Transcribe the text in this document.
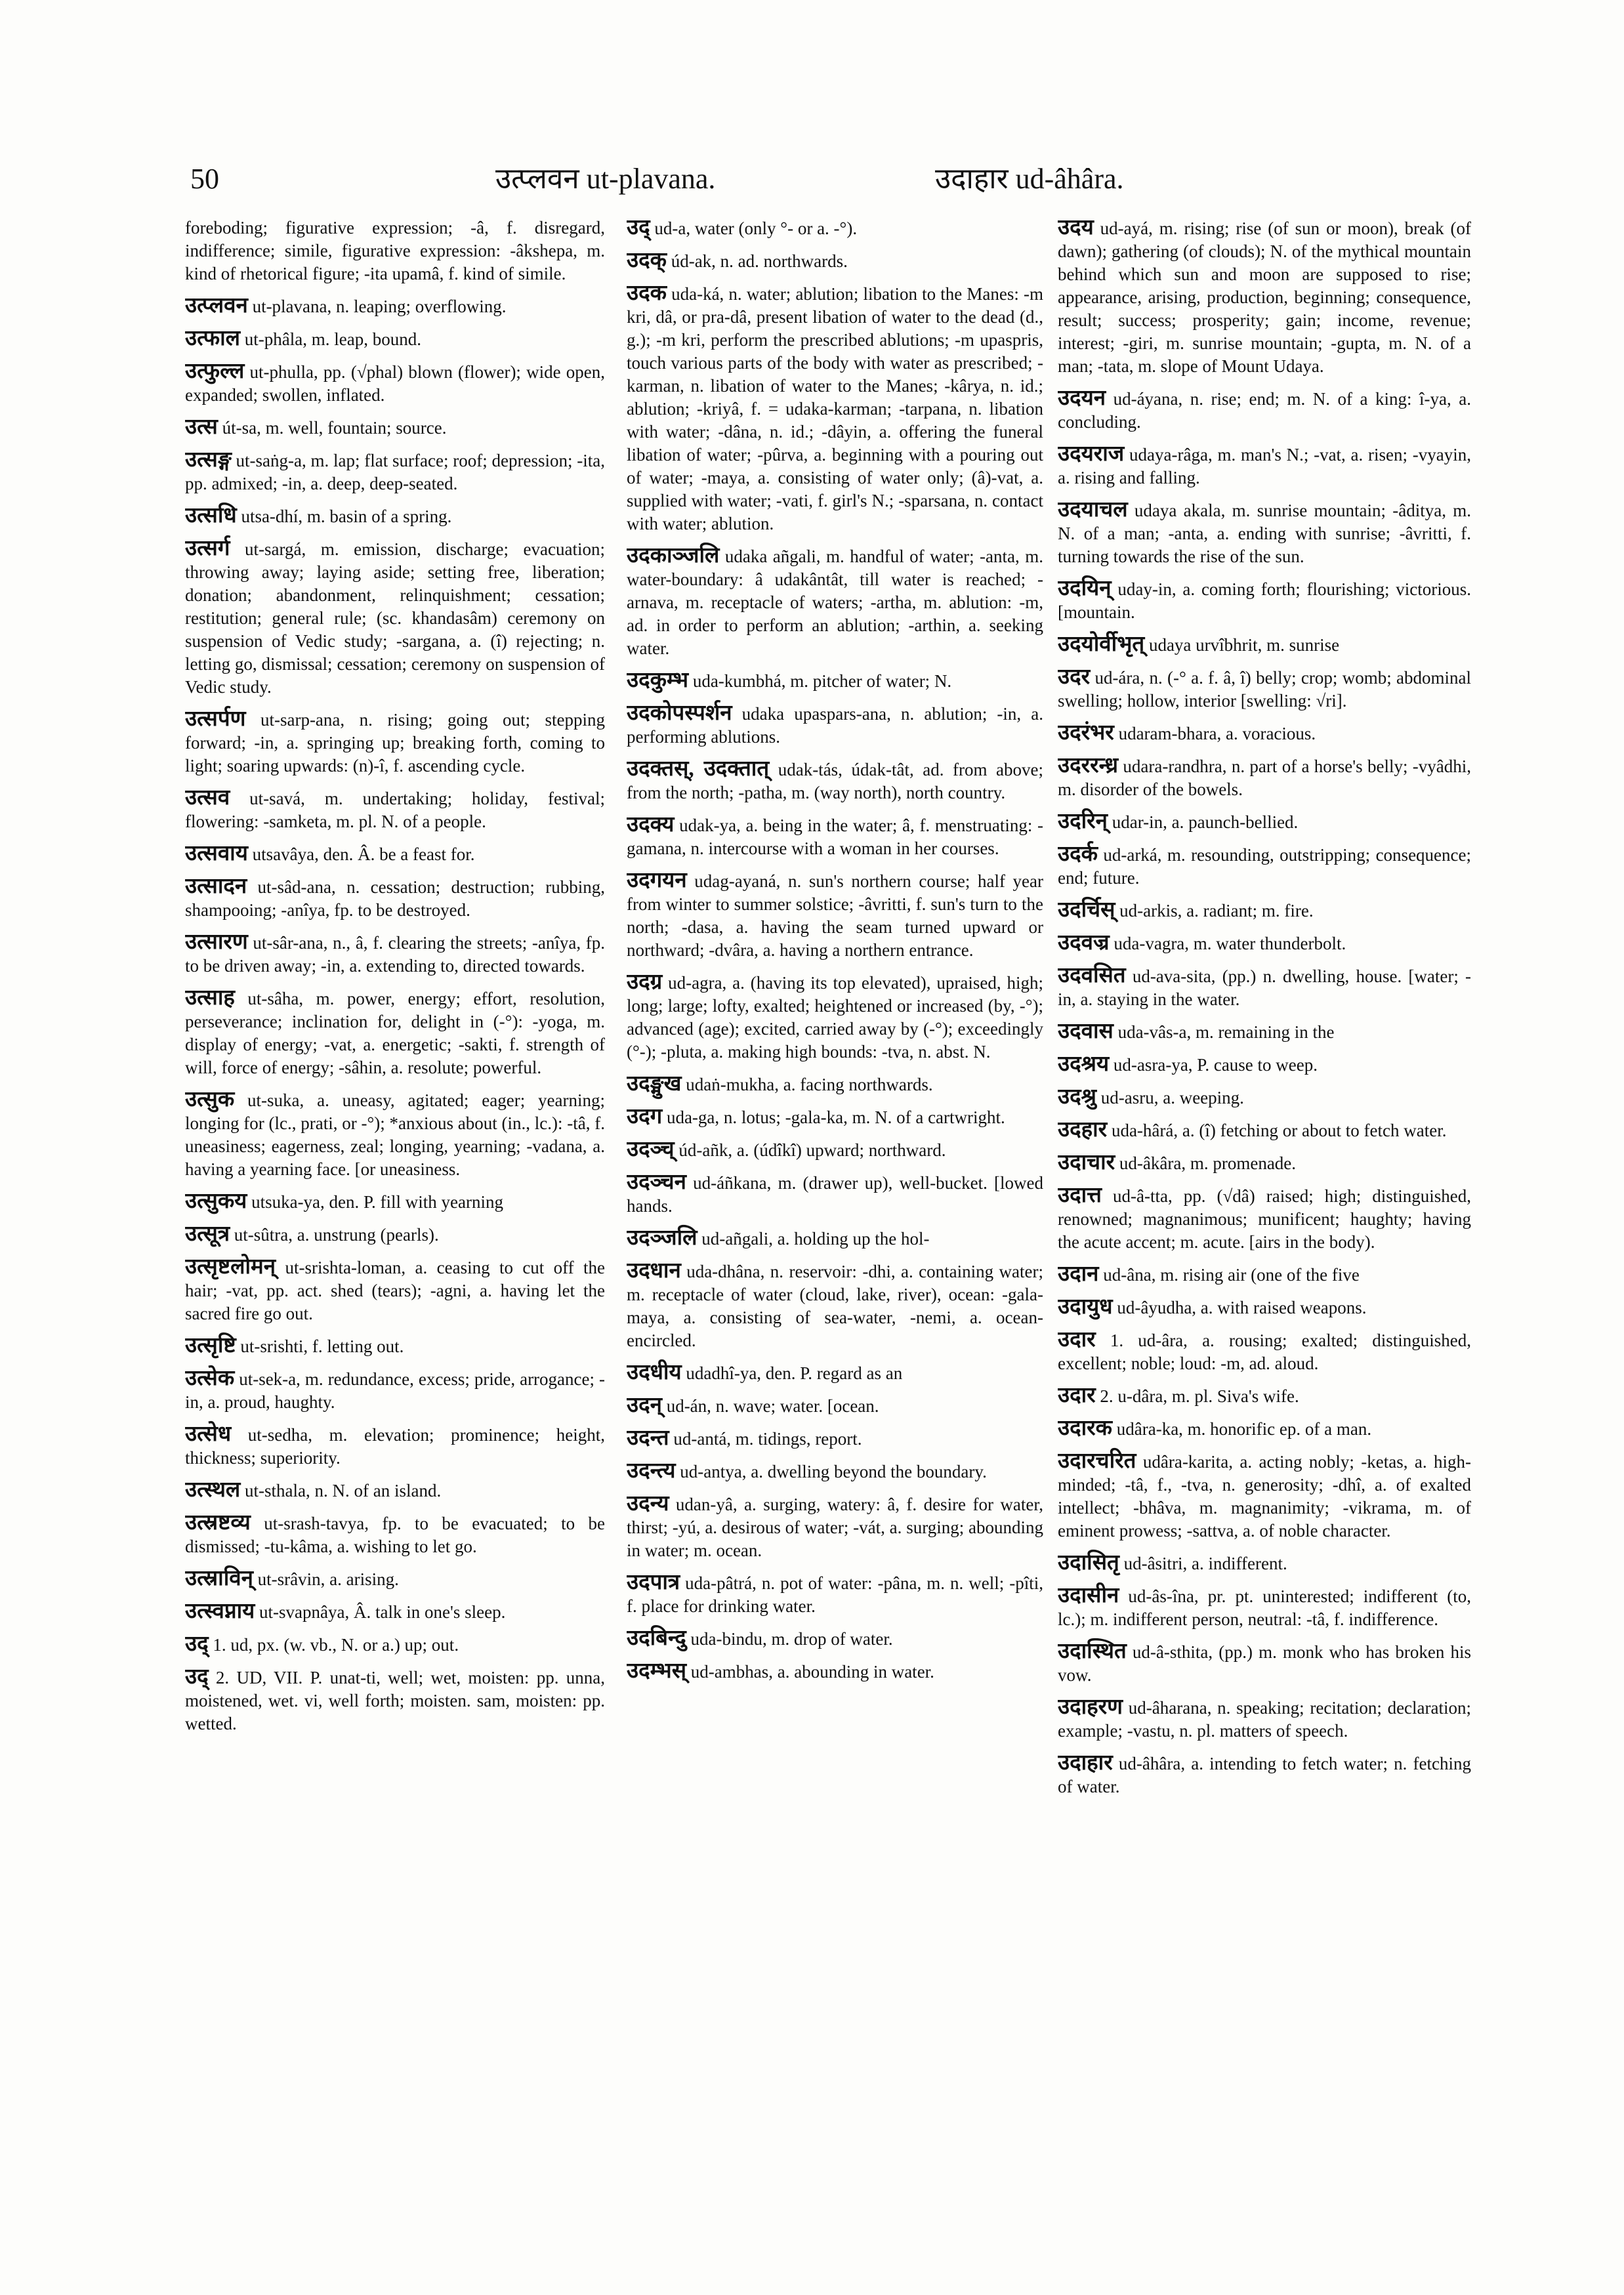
50	उत्प्लवन ut-plavana.	उदाहार ud-âhâra.
foreboding; figurative expression; -â, f. disregard, indifference; simile, figurative expression: -âkshepa, m. kind of rhetorical figure; -ita upamâ, f. kind of simile.
उत्प्लवन ut-plavana, n. leaping; overflowing.
उत्फाल ut-phâla, m. leap, bound.
उत्फुल्ल ut-phulla, pp. (√phal) blown (flower); wide open, expanded; swollen, inflated.
उत्स út-sa, m. well, fountain; source.
उत्सङ्ग ut-saṅg-a, m. lap; flat surface; roof; depression; -ita, pp. admixed; -in, a. deep, deep-seated.
उत्सधि utsa-dhí, m. basin of a spring.
उत्सर्ग ut-sargá, m. emission, discharge; evacuation; throwing away; laying aside; setting free, liberation; donation; abandonment, relinquishment; cessation; restitution; general rule; (sc. khandasâm) ceremony on suspension of Vedic study; -sargana, a. (î) rejecting; n. letting go, dismissal; cessation; ceremony on suspension of Vedic study.
उत्सर्पण ut-sarp-ana, n. rising; going out; stepping forward; -in, a. springing up; breaking forth, coming to light; soaring upwards: (n)-î, f. ascending cycle.
उत्सव ut-savá, m. undertaking; holiday, festival; flowering: -samketa, m. pl. N. of a people.
उत्सवाय utsavâya, den. Â. be a feast for.
उत्सादन ut-sâd-ana, n. cessation; destruction; rubbing, shampooing; -anîya, fp. to be destroyed.
उत्सारण ut-sâr-ana, n., â, f. clearing the streets; -anîya, fp. to be driven away; -in, a. extending to, directed towards.
उत्साह ut-sâha, m. power, energy; effort, resolution, perseverance; inclination for, delight in (-°): -yoga, m. display of energy; -vat, a. energetic; -sakti, f. strength of will, force of energy; -sâhin, a. resolute; powerful.
उत्सुक ut-suka, a. uneasy, agitated; eager; yearning; longing for (lc., prati, or -°); *anxious about (in., lc.): -tâ, f. uneasiness; eagerness, zeal; longing, yearning; -vadana, a. having a yearning face. [or uneasiness.
उत्सुकय utsuka-ya, den. P. fill with yearning
उत्सूत्र ut-sûtra, a. unstrung (pearls).
उत्सृष्टलोमन् ut-srishta-loman, a. ceasing to cut off the hair; -vat, pp. act. shed (tears); -agni, a. having let the sacred fire go out.
उत्सृष्टि ut-srishti, f. letting out.
उत्सेक ut-sek-a, m. redundance, excess; pride, arrogance; -in, a. proud, haughty.
उत्सेध ut-sedha, m. elevation; prominence; height, thickness; superiority.
उत्स्थल ut-sthala, n. N. of an island.
उत्स्रष्टव्य ut-srash-tavya, fp. to be evacuated; to be dismissed; -tu-kâma, a. wishing to let go.
उत्स्राविन् ut-srâvin, a. arising.
उत्स्वप्नाय ut-svapnâya, Â. talk in one's sleep.
उद् 1. ud, px. (w. vb., N. or a.) up; out.
उद् 2. UD, VII. P. unat-ti, well; wet, moisten: pp. unna, moistened, wet. vi, well forth; moisten. sam, moisten: pp. wetted.
उद् ud-a, water (only °- or a. -°).
उदक् úd-ak, n. ad. northwards.
उदक uda-ká, n. water; ablution; libation to the Manes: -m kri, dâ, or pra-dâ, present libation of water to the dead (d., g.); -m kri, perform the prescribed ablutions; -m upaspris, touch various parts of the body with water as prescribed; -karman, n. libation of water to the Manes; -kârya, n. id.; ablution; -kriyâ, f. = udaka-karman; -tarpana, n. libation with water; -dâna, n. id.; -dâyin, a. offering the funeral libation of water; -pûrva, a. beginning with a pouring out of water; -maya, a. consisting of water only; (â)-vat, a. supplied with water; -vati, f. girl's N.; -sparsana, n. contact with water; ablution.
उदकाञ्जलि udaka añgali, m. handful of water; -anta, m. water-boundary: â udakântât, till water is reached; -arnava, m. receptacle of waters; -artha, m. ablution: -m, ad. in order to perform an ablution; -arthin, a. seeking water.
उदकुम्भ uda-kumbhá, m. pitcher of water; N.
उदकोपस्पर्शन udaka upaspars-ana, n. ablution; -in, a. performing ablutions.
उदक्तस्, उदक्तात् udak-tás, údak-tât, ad. from above; from the north; -patha, m. (way north), north country.
उदक्य udak-ya, a. being in the water; â, f. menstruating: -gamana, n. intercourse with a woman in her courses.
उदगयन udag-ayaná, n. sun's northern course; half year from winter to summer solstice; -âvritti, f. sun's turn to the north; -dasa, a. having the seam turned upward or northward; -dvâra, a. having a northern entrance.
उदग्र ud-agra, a. (having its top elevated), upraised, high; long; large; lofty, exalted; heightened or increased (by, -°); advanced (age); excited, carried away by (-°); exceedingly (°-); -pluta, a. making high bounds: -tva, n. abst. N.
उदङ्मुख udaṅ-mukha, a. facing northwards.
उदग uda-ga, n. lotus; -gala-ka, m. N. of a cartwright.
उदञ्च् úd-añk, a. (údîkî) upward; northward.
उदञ्चन ud-áñkana, m. (drawer up), well-bucket. [lowed hands.
उदञ्जलि ud-añgali, a. holding up the hol-
उदधान uda-dhâna, n. reservoir: -dhi, a. containing water; m. receptacle of water (cloud, lake, river), ocean: -gala-maya, a. consisting of sea-water, -nemi, a. ocean-encircled.
उदधीय udadhî-ya, den. P. regard as an
उदन् ud-án, n. wave; water. [ocean.
उदन्त ud-antá, m. tidings, report.
उदन्त्य ud-antya, a. dwelling beyond the boundary.
उदन्य udan-yâ, a. surging, watery: â, f. desire for water, thirst; -yú, a. desirous of water; -vát, a. surging; abounding in water; m. ocean.
उदपात्र uda-pâtrá, n. pot of water: -pâna, m. n. well; -pîti, f. place for drinking water.
उदबिन्दु uda-bindu, m. drop of water.
उदम्भस् ud-ambhas, a. abounding in water.
उदय ud-ayá, m. rising; rise (of sun or moon), break (of dawn); gathering (of clouds); N. of the mythical mountain behind which sun and moon are supposed to rise; appearance, arising, production, beginning; consequence, result; success; prosperity; gain; income, revenue; interest; -giri, m. sunrise mountain; -gupta, m. N. of a man; -tata, m. slope of Mount Udaya.
उदयन ud-áyana, n. rise; end; m. N. of a king: î-ya, a. concluding.
उदयराज udaya-râga, m. man's N.; -vat, a. risen; -vyayin, a. rising and falling.
उदयाचल udaya akala, m. sunrise mountain; -âditya, m. N. of a man; -anta, a. ending with sunrise; -âvritti, f. turning towards the rise of the sun.
उदयिन् uday-in, a. coming forth; flourishing; victorious. [mountain.
उदयोर्वीभृत् udaya urvîbhrit, m. sunrise
उदर ud-ára, n. (-° a. f. â, î) belly; crop; womb; abdominal swelling; hollow, interior [swelling: √ri].
उदरंभर udaram-bhara, a. voracious.
उदररन्ध्र udara-randhra, n. part of a horse's belly; -vyâdhi, m. disorder of the bowels.
उदरिन् udar-in, a. paunch-bellied.
उदर्क ud-arká, m. resounding, outstripping; consequence; end; future.
उदर्चिस् ud-arkis, a. radiant; m. fire.
उदवज्र uda-vagra, m. water thunderbolt.
उदवसित ud-ava-sita, (pp.) n. dwelling, house. [water; -in, a. staying in the water.
उदवास uda-vâs-a, m. remaining in the
उदश्रय ud-asra-ya, P. cause to weep.
उदश्रु ud-asru, a. weeping.
उदहार uda-hârá, a. (î) fetching or about to fetch water.
उदाचार ud-âkâra, m. promenade.
उदात्त ud-â-tta, pp. (√dâ) raised; high; distinguished, renowned; magnanimous; munificent; haughty; having the acute accent; m. acute. [airs in the body).
उदान ud-âna, m. rising air (one of the five
उदायुध ud-âyudha, a. with raised weapons.
उदार 1. ud-âra, a. rousing; exalted; distinguished, excellent; noble; loud: -m, ad. aloud.
उदार 2. u-dâra, m. pl. Siva's wife.
उदारक udâra-ka, m. honorific ep. of a man.
उदारचरित udâra-karita, a. acting nobly; -ketas, a. high-minded; -tâ, f., -tva, n. generosity; -dhî, a. of exalted intellect; -bhâva, m. magnanimity; -vikrama, m. of eminent prowess; -sattva, a. of noble character.
उदासितृ ud-âsitri, a. indifferent.
उदासीन ud-âs-îna, pr. pt. uninterested; indifferent (to, lc.); m. indifferent person, neutral: -tâ, f. indifference.
उदास्थित ud-â-sthita, (pp.) m. monk who has broken his vow.
उदाहरण ud-âharana, n. speaking; recitation; declaration; example; -vastu, n. pl. matters of speech.
उदाहार ud-âhâra, a. intending to fetch water; n. fetching of water.
